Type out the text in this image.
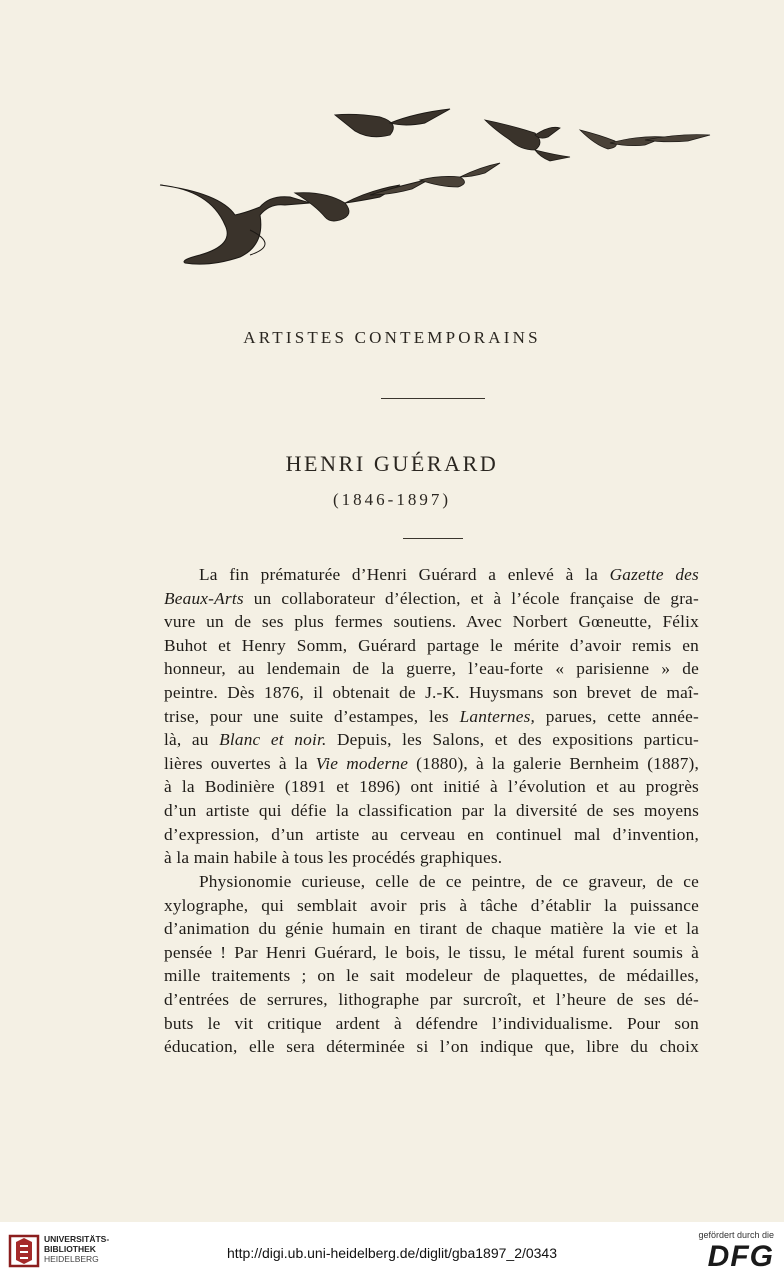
ARTISTES CONTEMPORAINS
HENRI GUÉRARD
(1846-1897)
La fin prématurée d’Henri Guérard a enlevé à la Gazette des
Beaux-Arts un collaborateur d’élection, et à l’école française de gra-
vure un de ses plus fermes soutiens. Avec Norbert Gœneutte, Félix
Buhot et Henry Somm, Guérard partage le mérite d’avoir remis en
honneur, au lendemain de la guerre, l’eau-forte « parisienne » de
peintre. Dès 1876, il obtenait de J.-K. Huysmans son brevet de maî-
trise, pour une suite d’estampes, les Lanternes, parues, cette année-
là, au Blanc et noir. Depuis, les Salons, et des expositions particu-
lières ouvertes à la Vie moderne (1880), à la galerie Bernheim (1887),
à la Bodinière (1891 et 1896) ont initié à l’évolution et au progrès
d’un artiste qui défie la classification par la diversité de ses moyens
d’expression, d’un artiste au cerveau en continuel mal d’invention,
à la main habile à tous les procédés graphiques.
Physionomie curieuse, celle de ce peintre, de ce graveur, de ce
xylographe, qui semblait avoir pris à tâche d’établir la puissance
d’animation du génie humain en tirant de chaque matière la vie et la
pensée ! Par Henri Guérard, le bois, le tissu, le métal furent soumis à
mille traitements ; on le sait modeleur de plaquettes, de médailles,
d’entrées de serrures, lithographe par surcroît, et l’heure de ses dé-
buts le vit critique ardent à défendre l’individualisme. Pour son
éducation, elle sera déterminée si l’on indique que, libre du choix
UNIVERSITÄTS-
BIBLIOTHEK
HEIDELBERG	http://digi.ub.uni-heidelberg.de/diglit/gba1897_2/0343
gefördert durch die
DFG
